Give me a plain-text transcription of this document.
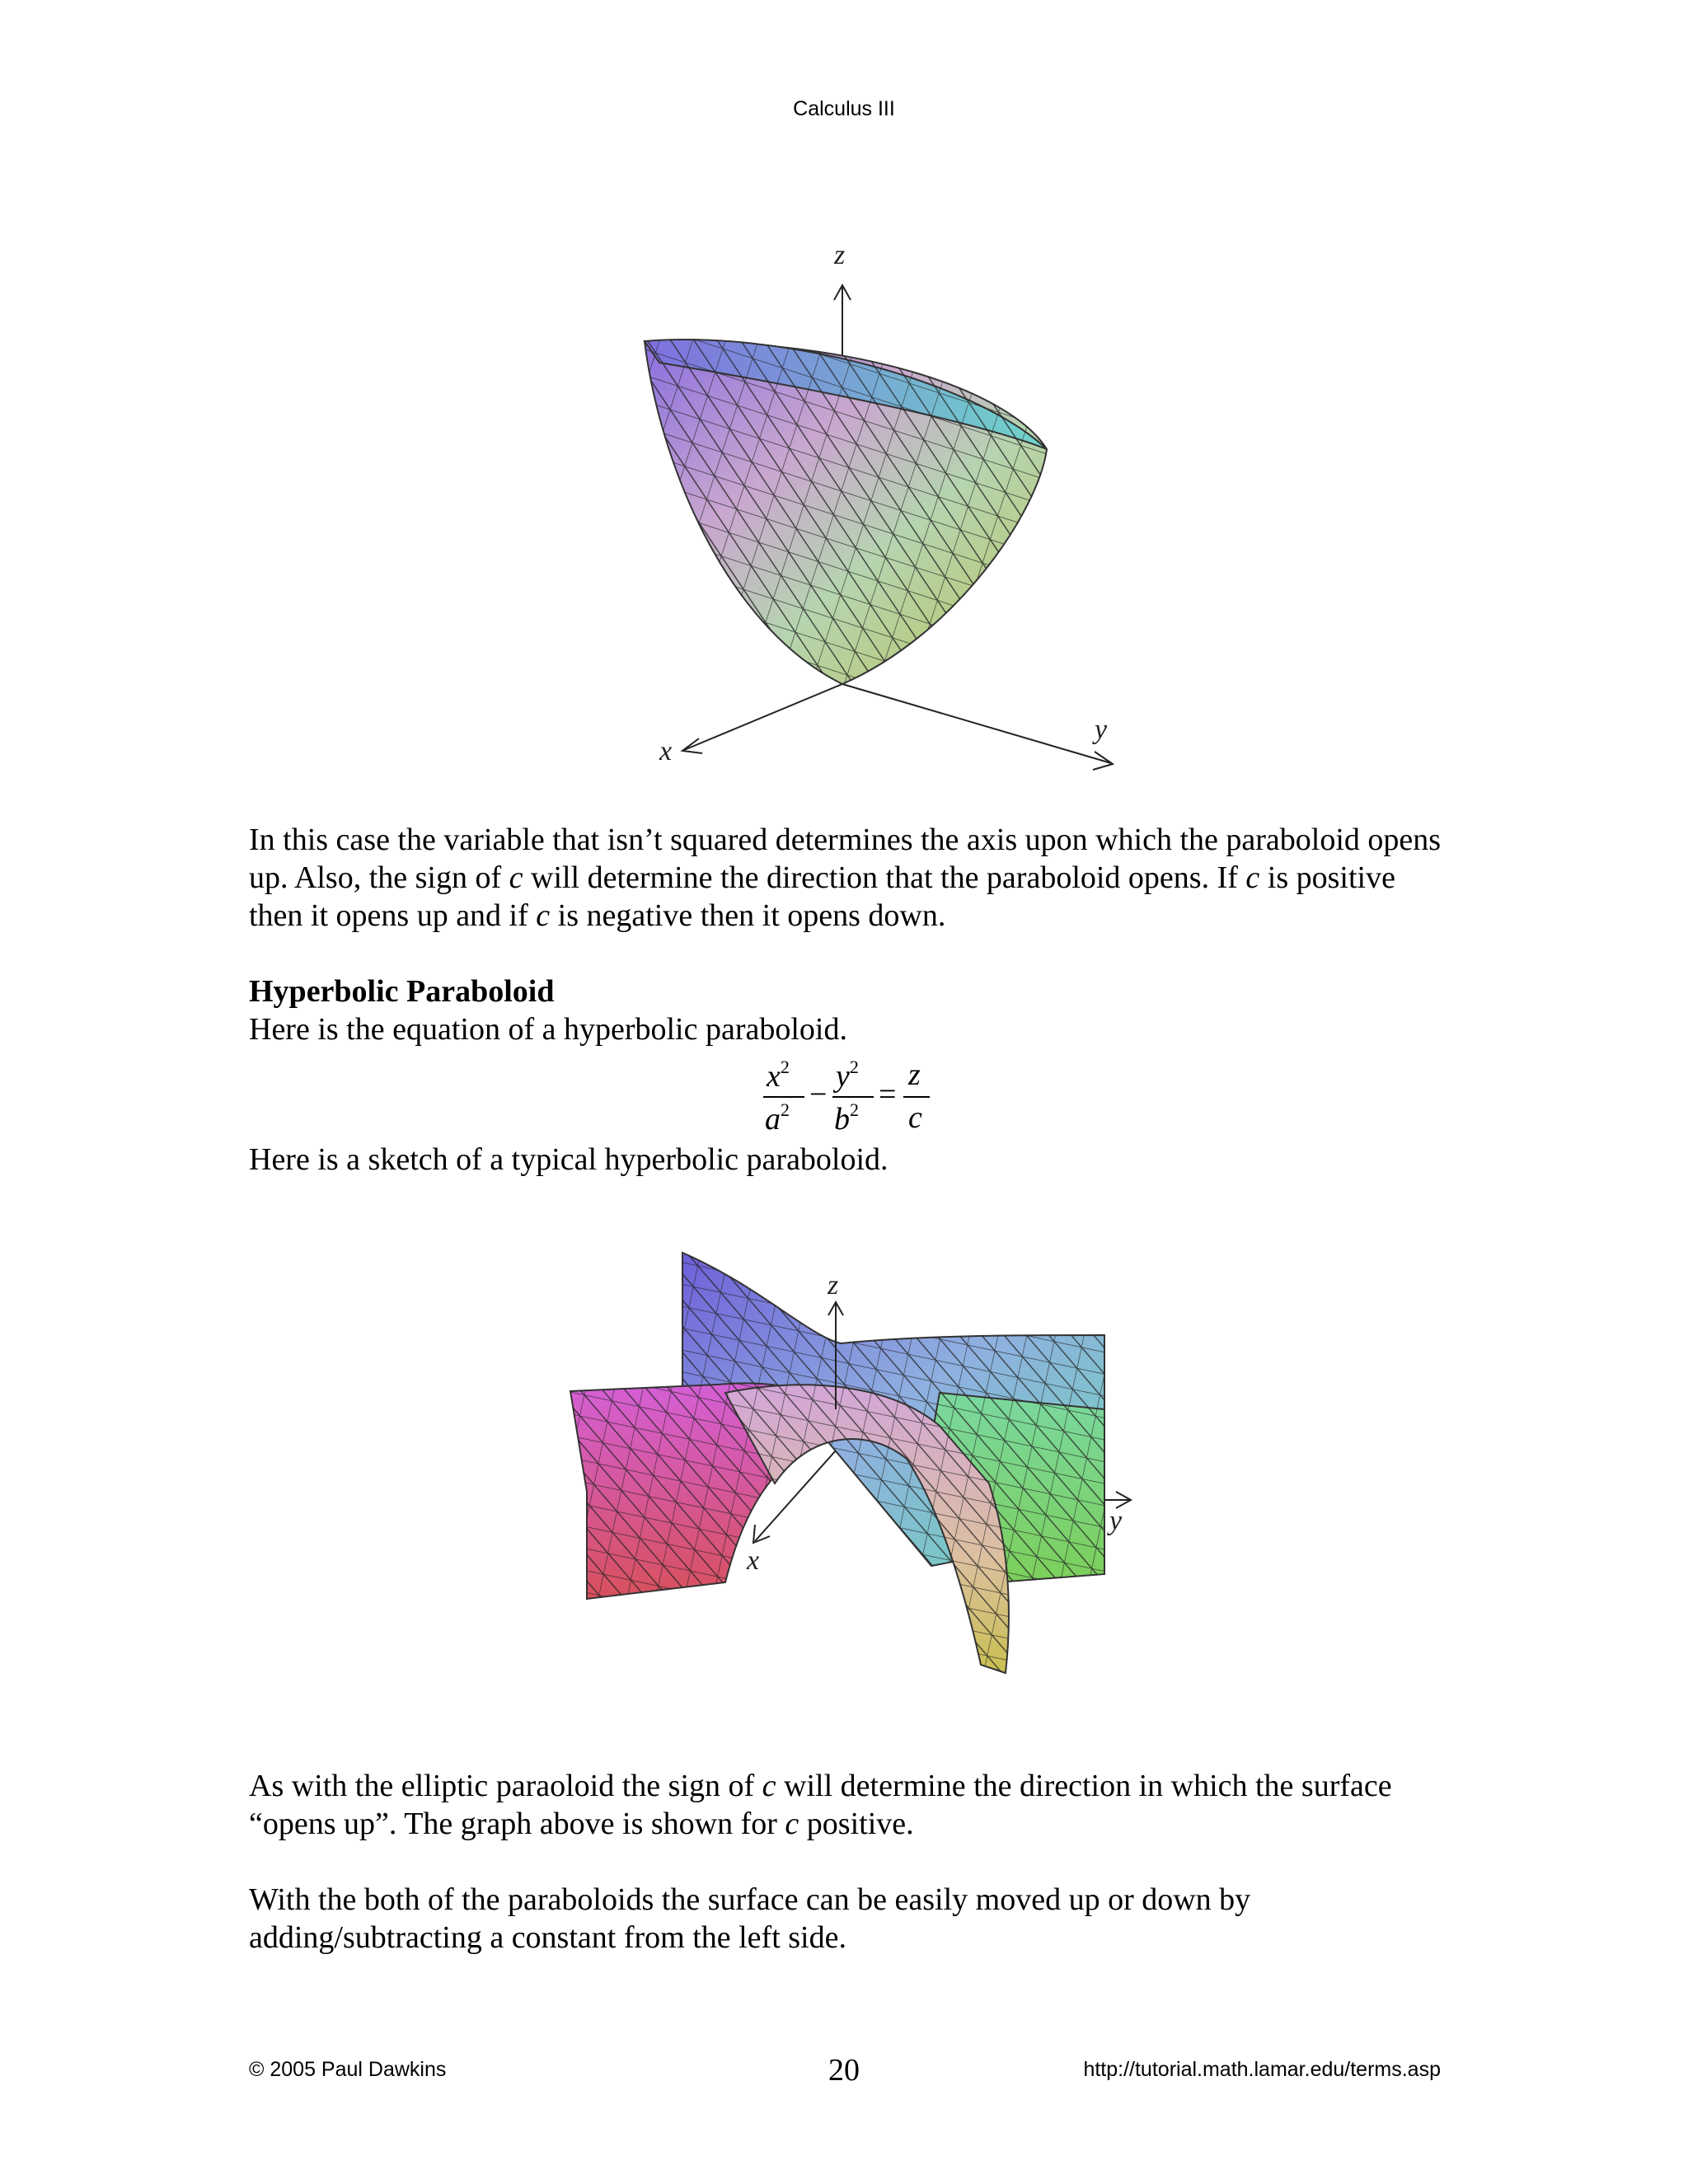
Calculus III
z
x
y
In this case the variable that isn’t squared determines the axis upon which the paraboloid opens up. Also, the sign of c will determine the direction that the paraboloid opens. If c is positive then it opens up and if c is negative then it opens down.
Hyperbolic Paraboloid
Here is the equation of a hyperbolic paraboloid.
$x^2$
$a^2$ −
$y^2$
$b^2$ =
z
c
Here is a sketch of a typical hyperbolic paraboloid.
z
x
y
As with the elliptic paraoloid the sign of c will determine the direction in which the surface “opens up”. The graph above is shown for c positive.
With the both of the paraboloids the surface can be easily moved up or down by adding/subtracting a constant from the left side.
© 2005 Paul Dawkins	20	http://tutorial.math.lamar.edu/terms.asp
